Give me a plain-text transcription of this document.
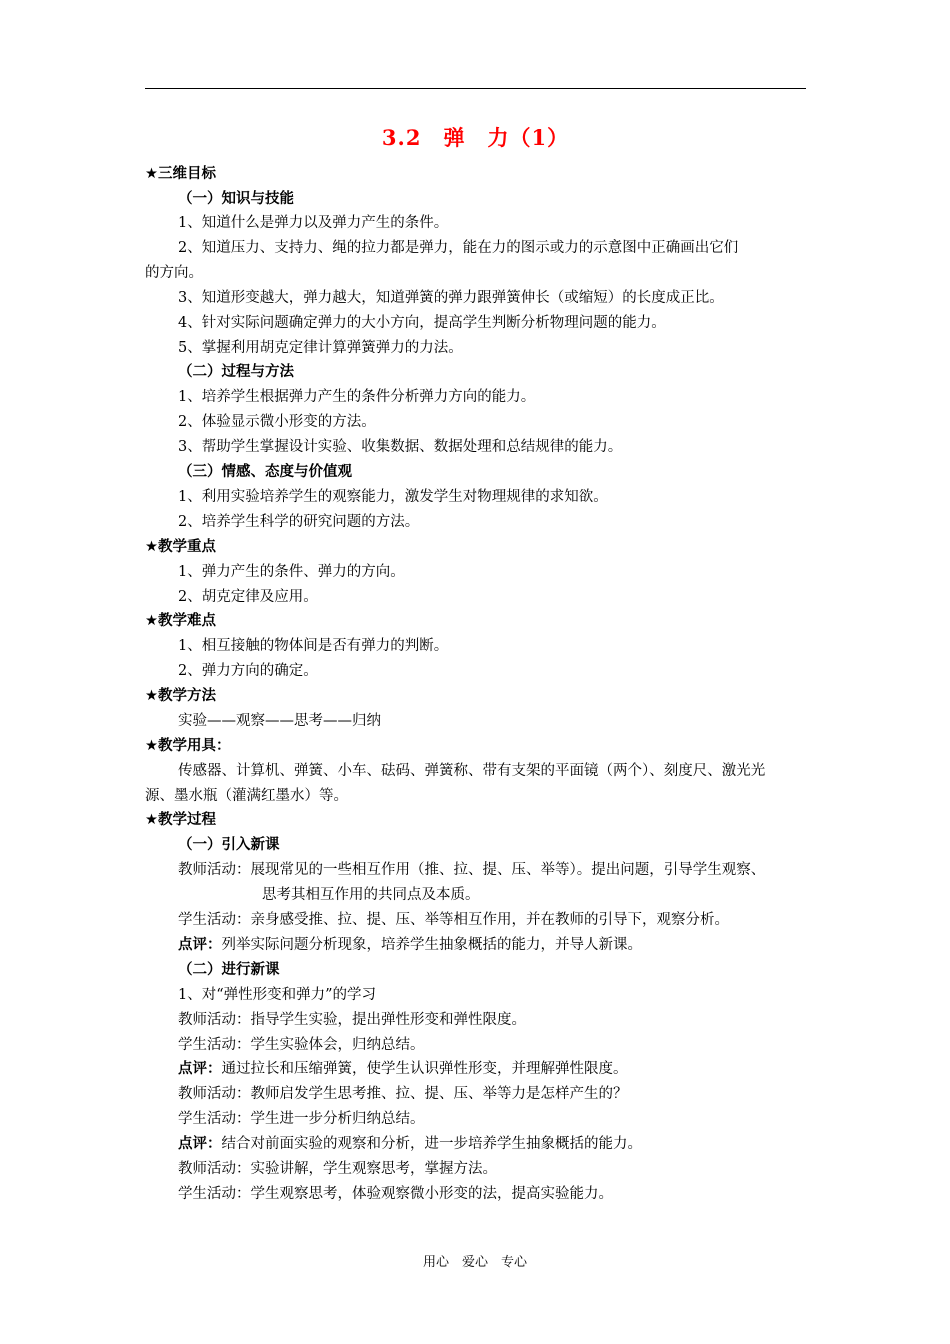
3.2　弹　力（1）
★三维目标
（一）知识与技能
1、知道什么是弹力以及弹力产生的条件。
2、知道压力、支持力、绳的拉力都是弹力，能在力的图示或力的示意图中正确画出它们
的方向。
3、知道形变越大，弹力越大，知道弹簧的弹力跟弹簧伸长（或缩短）的长度成正比。
4、针对实际问题确定弹力的大小方向，提高学生判断分析物理问题的能力。
5、掌握利用胡克定律计算弹簧弹力的力法。
（二）过程与方法
1、培养学生根据弹力产生的条件分析弹力方向的能力。
2、体验显示微小形变的方法。
3、帮助学生掌握设计实验、收集数据、数据处理和总结规律的能力。
（三）情感、态度与价值观
1、利用实验培养学生的观察能力，激发学生对物理规律的求知欲。
2、培养学生科学的研究问题的方法。
★教学重点
1、弹力产生的条件、弹力的方向。
2、胡克定律及应用。
★教学难点
1、相互接触的物体间是否有弹力的判断。
2、弹力方向的确定。
★教学方法
实验——观察——思考——归纳
★教学用具：
传感器、计算机、弹簧、小车、砝码、弹簧称、带有支架的平面镜（两个）、刻度尺、激光光
源、墨水瓶（灌满红墨水）等。
★教学过程
（一）引入新课
教师活动：展现常见的一些相互作用（推、拉、提、压、举等）。提出问题，引导学生观察、
思考其相互作用的共同点及本质。
学生活动：亲身感受推、拉、提、压、举等相互作用，并在教师的引导下，观察分析。
点评：列举实际问题分析现象，培养学生抽象概括的能力，并导人新课。
（二）进行新课
1、对“弹性形变和弹力”的学习
教师活动：指导学生实验，提出弹性形变和弹性限度。
学生活动：学生实验体会，归纳总结。
点评：通过拉长和压缩弹簧，使学生认识弹性形变，并理解弹性限度。
教师活动：教师启发学生思考推、拉、提、压、举等力是怎样产生的？
学生活动：学生进一步分析归纳总结。
点评：结合对前面实验的观察和分析，进一步培养学生抽象概括的能力。
教师活动：实验讲解，学生观察思考，掌握方法。
学生活动：学生观察思考，体验观察微小形变的法，提高实验能力。
用心　爱心　专心
